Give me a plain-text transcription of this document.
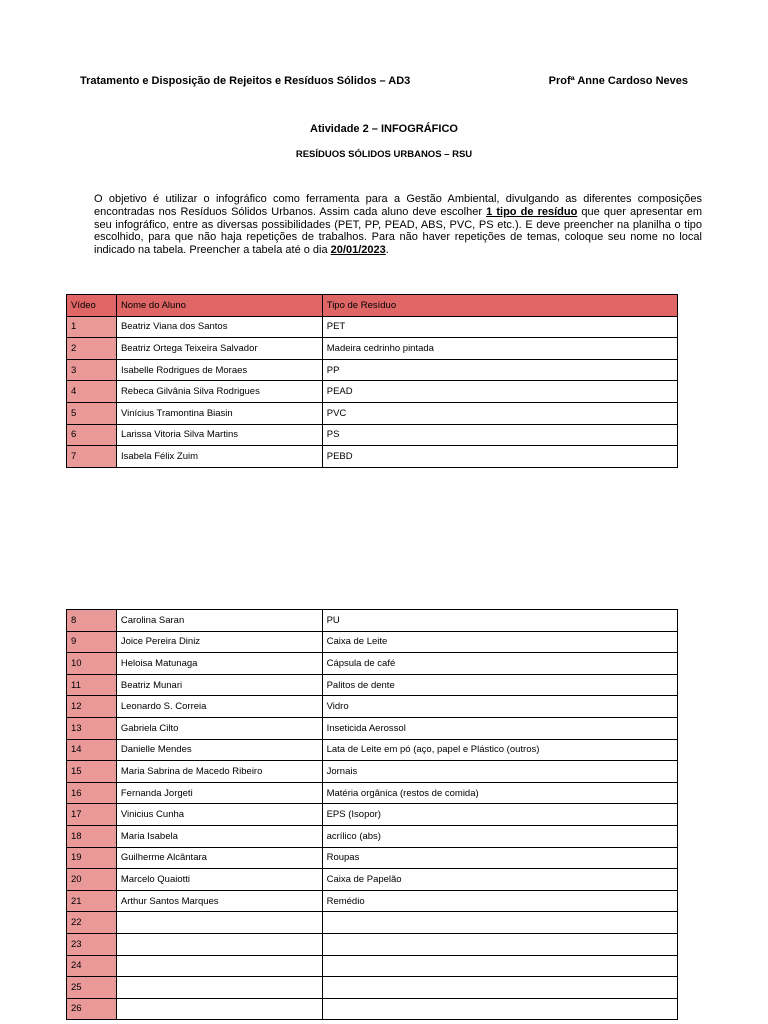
Tratamento e Disposição de Rejeitos e Resíduos Sólidos – AD3	Profª Anne Cardoso Neves
Atividade 2 – INFOGRÁFICO
RESÍDUOS SÓLIDOS URBANOS – RSU
O objetivo é utilizar o infográfico como ferramenta para a Gestão Ambiental, divulgando as diferentes composições encontradas nos Resíduos Sólidos Urbanos. Assim cada aluno deve escolher 1 tipo de resíduo que quer apresentar em seu infográfico, entre as diversas possibilidades (PET, PP, PEAD, ABS, PVC, PS etc.). E deve preencher na planilha o tipo escolhido, para que não haja repetições de trabalhos. Para não haver repetições de temas, coloque seu nome no local indicado na tabela. Preencher a tabela até o dia 20/01/2023.
Vídeo	Nome do Aluno	Tipo de Resíduo
1	Beatriz Viana dos Santos	PET
2	Beatriz Ortega Teixeira Salvador	Madeira cedrinho pintada
3	Isabelle Rodrigues de Moraes	PP
4	Rebeca Gilvânia Silva Rodrigues	PEAD
5	Vinícius Tramontina Biasin	PVC
6	Larissa Vitoria Silva Martins	PS
7	Isabela Félix Zuim	PEBD
8	Carolina Saran	PU
9	Joice Pereira Diniz	Caixa de Leite
10	Heloisa Matunaga	Cápsula de café
11	Beatriz Munari	Palitos de dente
12	Leonardo S. Correia	Vidro
13	Gabriela Cilto	Inseticida Aerossol
14	Danielle Mendes	Lata de Leite em pó (aço, papel e Plástico (outros)
15	Maria Sabrina de Macedo Ribeiro	Jornais
16	Fernanda Jorgeti	Matéria orgânica (restos de comida)
17	Vinicius Cunha	EPS (Isopor)
18	Maria Isabela	acrílico (abs)
19	Guilherme Alcântara	Roupas
20	Marcelo Quaiotti	Caixa de Papelão
21	Arthur Santos Marques	Remédio
22		
23		
24		
25		
26		
